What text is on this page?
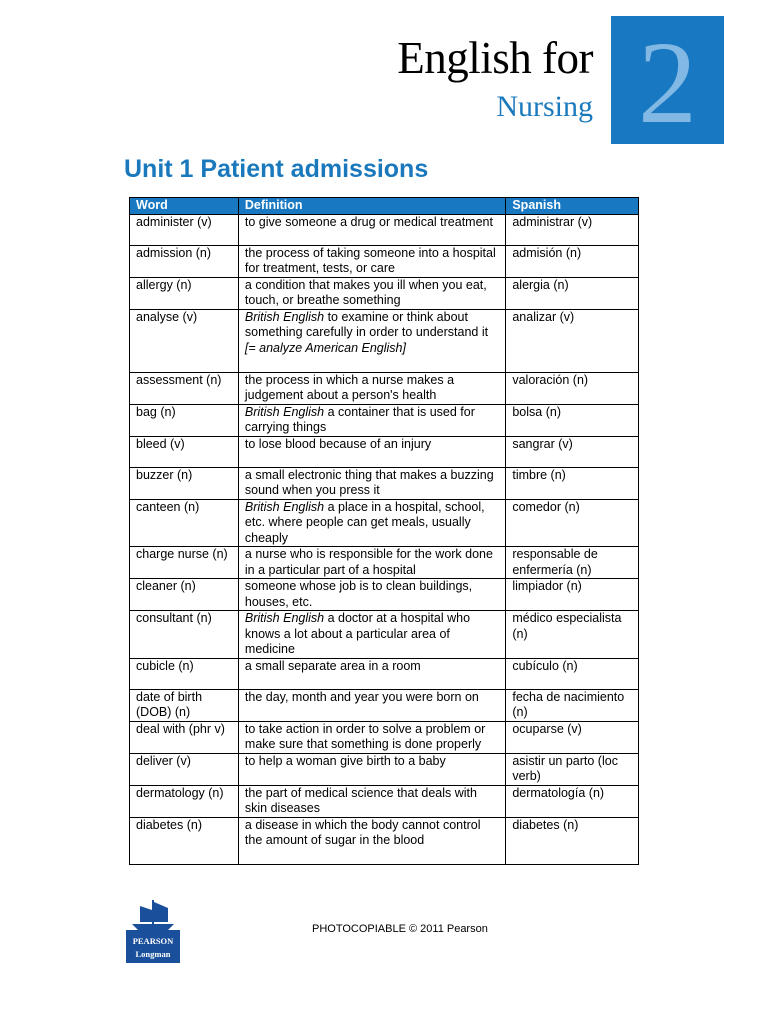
English for
Nursing 2
Unit 1 Patient admissions
Word	Definition	Spanish
administer (v)	to give someone a drug or medical treatment	administrar (v)
admission (n)	the process of taking someone into a hospital for treatment, tests, or care	admisión (n)
allergy (n)	a condition that makes you ill when you eat, touch, or breathe something	alergia (n)
analyse (v)	British English to examine or think about something carefully in order to understand it [= analyze American English]	analizar (v)
assessment (n)	the process in which a nurse makes a judgement about a person's health	valoración (n)
bag (n)	British English a container that is used for carrying things	bolsa (n)
bleed (v)	to lose blood because of an injury	sangrar (v)
buzzer (n)	a small electronic thing that makes a buzzing sound when you press it	timbre (n)
canteen (n)	British English a place in a hospital, school, etc. where people can get meals, usually cheaply	comedor (n)
charge nurse (n)	a nurse who is responsible for the work done in a particular part of a hospital	responsable de enfermería (n)
cleaner (n)	someone whose job is to clean buildings, houses, etc.	limpiador (n)
consultant (n)	British English a doctor at a hospital who knows a lot about a particular area of medicine	médico especialista (n)
cubicle (n)	a small separate area in a room	cubículo (n)
date of birth (DOB) (n)	the day, month and year you were born on	fecha de nacimiento (n)
deal with (phr v)	to take action in order to solve a problem or make sure that something is done properly	ocuparse (v)
deliver (v)	to help a woman give birth to a baby	asistir un parto (loc verb)
dermatology (n)	the part of medical science that deals with skin diseases	dermatología (n)
diabetes (n)	a disease in which the body cannot control the amount of sugar in the blood	diabetes (n)
PEARSON
Longman
PHOTOCOPIABLE © 2011 Pearson
